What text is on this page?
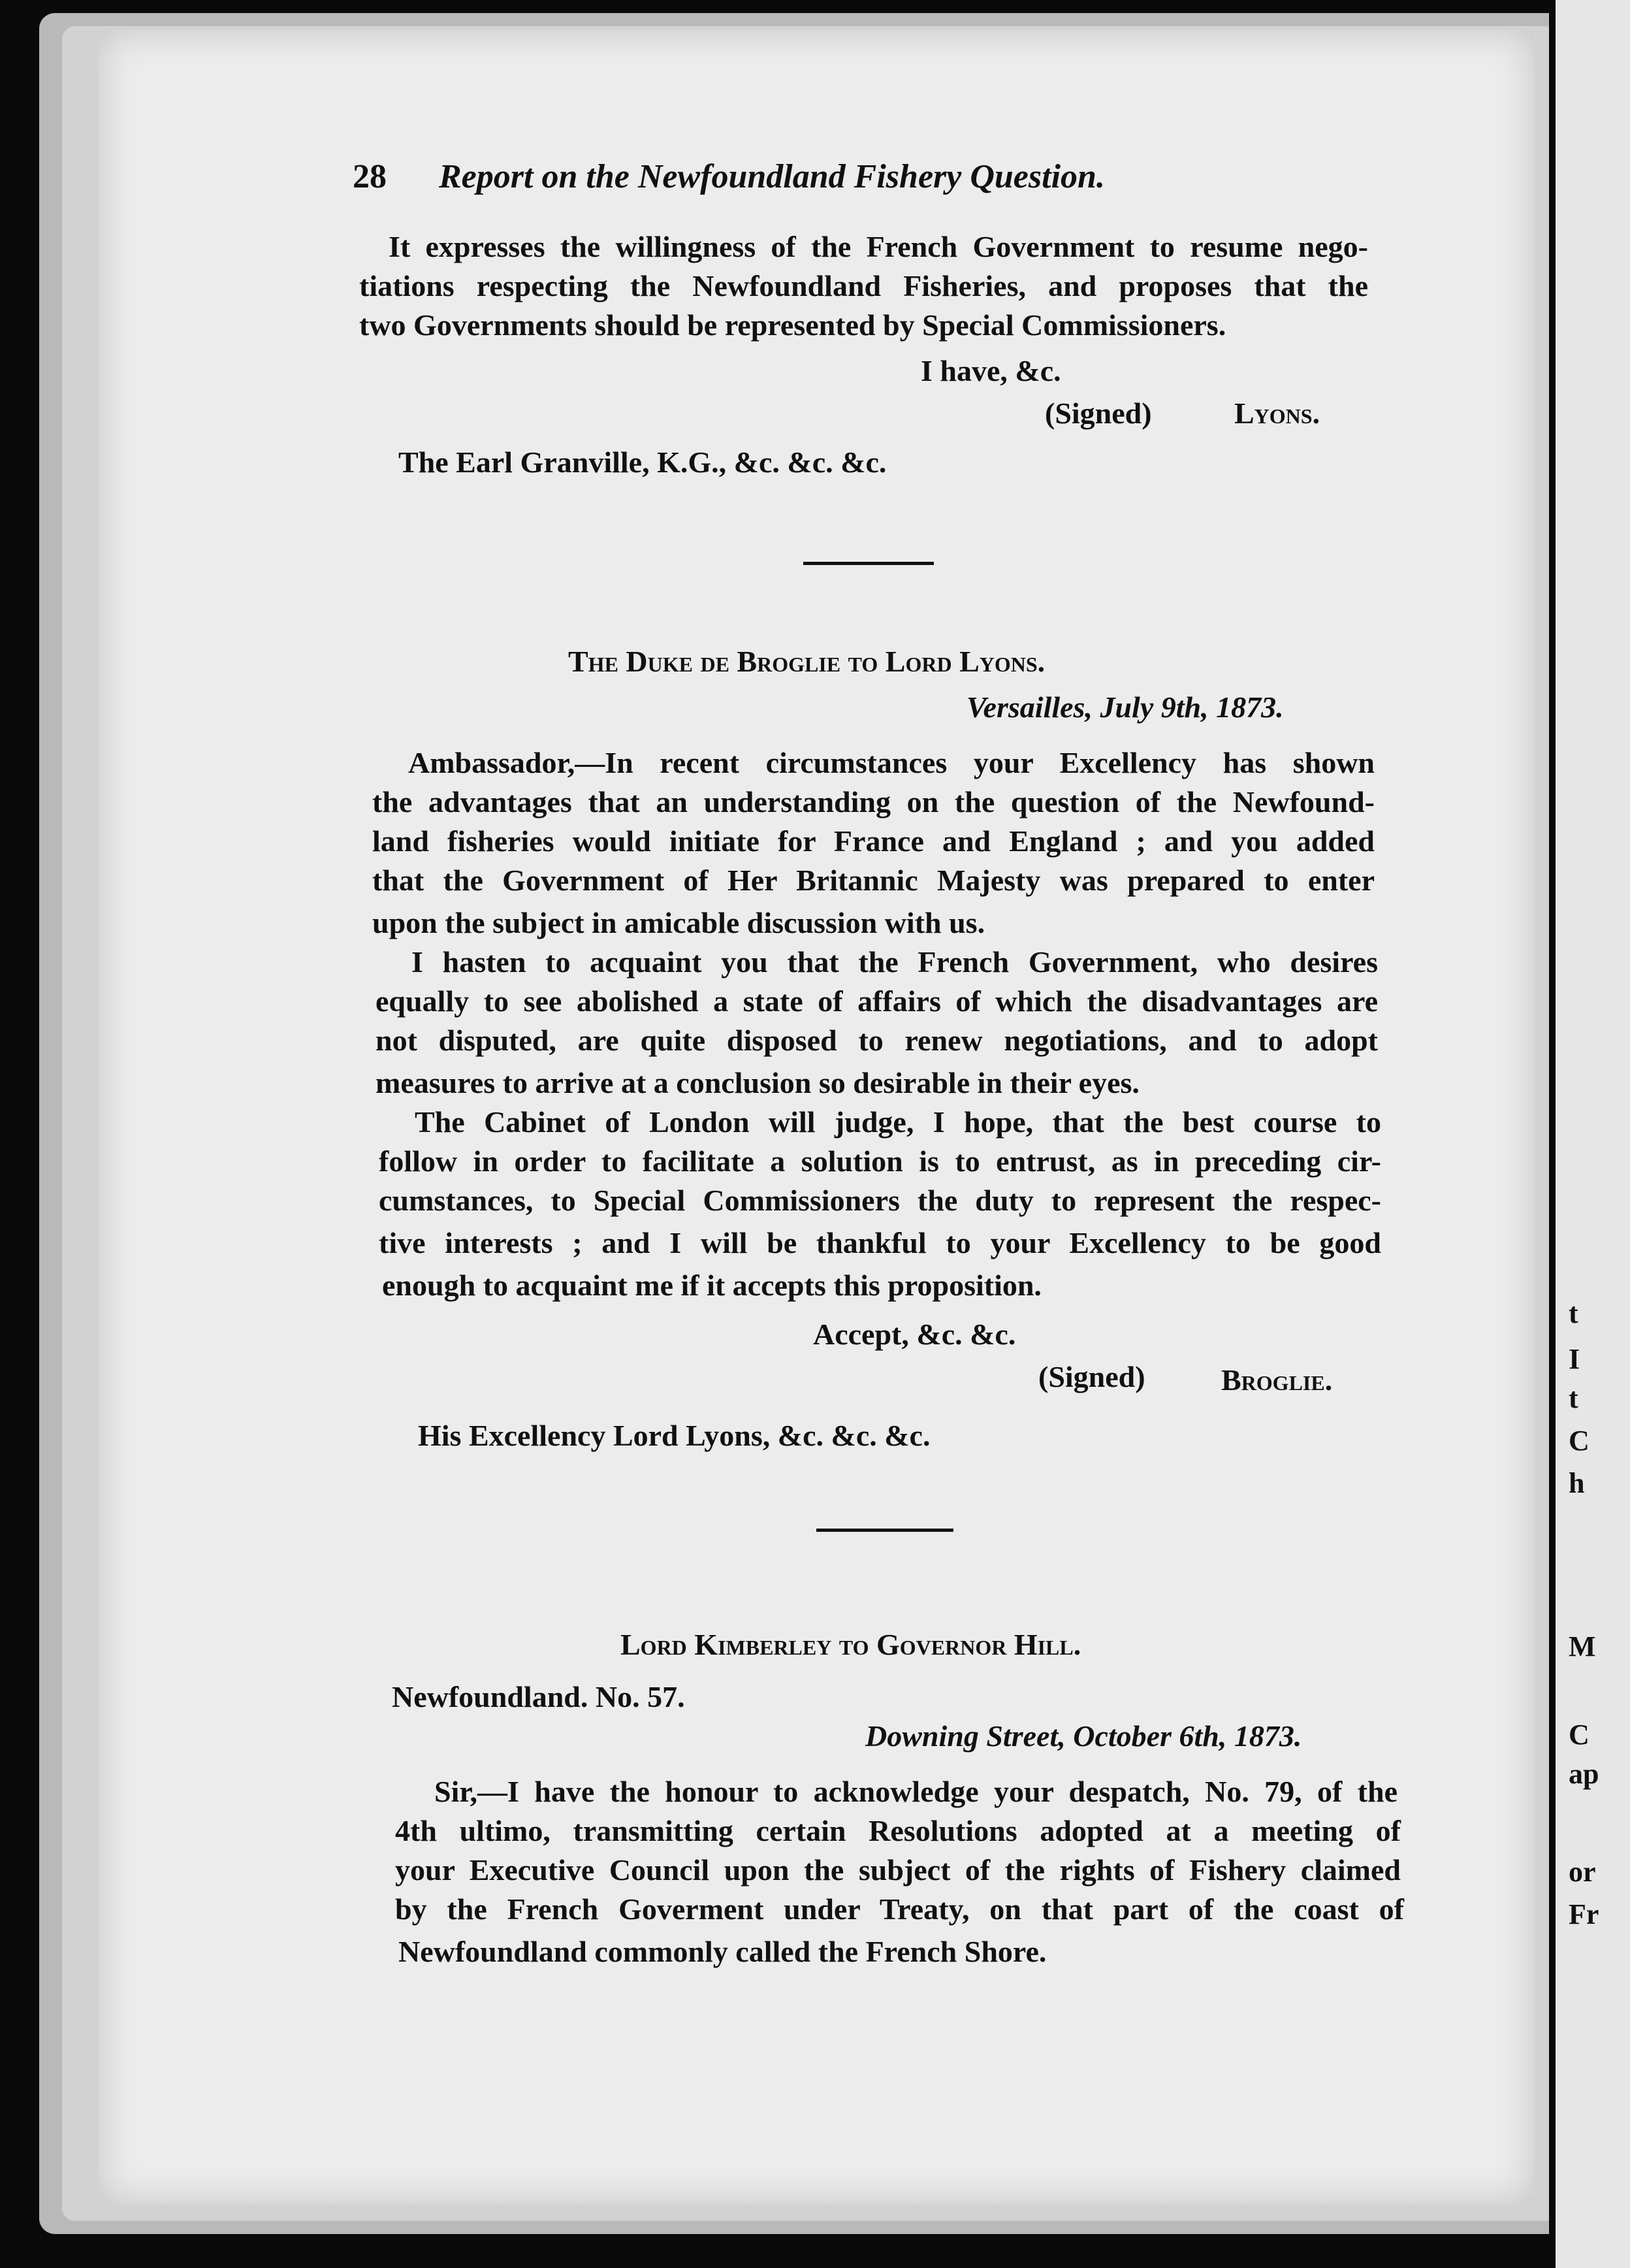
t
I
t
C
h
M
C
ap
or
Fr
28 Report on the Newfoundland Fishery Question.
It expresses the willingness of the French Government to resume nego-
tiations respecting the Newfoundland Fisheries, and proposes that the
two Governments should be represented by Special Commissioners.
I have, &c.
(Signed)	Lyons.
The Earl Granville, K.G., &c. &c. &c.
The Duke de Broglie to Lord Lyons.
Versailles, July 9th, 1873.
Ambassador,—In recent circumstances your Excellency has shown
the advantages that an understanding on the question of the Newfound-
land fisheries would initiate for France and England ; and you added
that the Government of Her Britannic Majesty was prepared to enter
upon the subject in amicable discussion with us.
I hasten to acquaint you that the French Government, who desires
equally to see abolished a state of affairs of which the disadvantages are
not disputed, are quite disposed to renew negotiations, and to adopt
measures to arrive at a conclusion so desirable in their eyes.
The Cabinet of London will judge, I hope, that the best course to
follow in order to facilitate a solution is to entrust, as in preceding cir-
cumstances, to Special Commissioners the duty to represent the respec-
tive interests ; and I will be thankful to your Excellency to be good
enough to acquaint me if it accepts this proposition.
Accept, &c. &c.
(Signed)	Broglie.
His Excellency Lord Lyons, &c. &c. &c.
Lord Kimberley to Governor Hill.
Newfoundland. No. 57.
Downing Street, October 6th, 1873.
Sir,—I have the honour to acknowledge your despatch, No. 79, of the
4th ultimo, transmitting certain Resolutions adopted at a meeting of
your Executive Council upon the subject of the rights of Fishery claimed
by the French Goverment under Treaty, on that part of the coast of
Newfoundland commonly called the French Shore.
